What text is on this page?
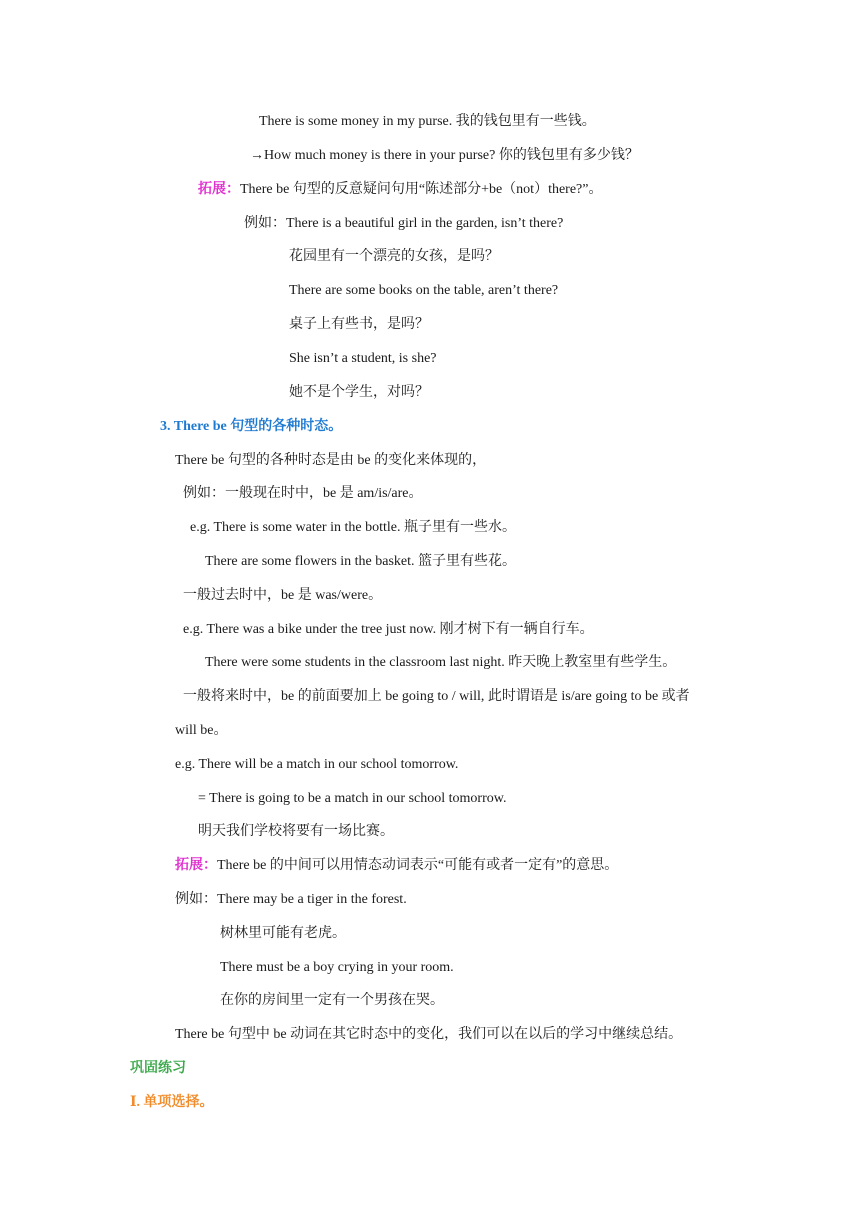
There is some money in my purse. 我的钱包里有一些钱。
→How much money is there in your purse? 你的钱包里有多少钱？
拓展：There be 句型的反意疑问句用“陈述部分+be（not）there?”。
例如：There is a beautiful girl in the garden, isn’t there?
花园里有一个漂亮的女孩，是吗？
There are some books on the table, aren’t there?
桌子上有些书，是吗？
She isn’t a student, is she?
她不是个学生，对吗？
3. There be 句型的各种时态。
There be 句型的各种时态是由 be 的变化来体现的，
例如：一般现在时中，be 是 am/is/are。
e.g. There is some water in the bottle. 瓶子里有一些水。
There are some flowers in the basket. 篮子里有些花。
一般过去时中，be 是 was/were。
e.g. There was a bike under the tree just now. 刚才树下有一辆自行车。
There were some students in the classroom last night. 昨天晚上教室里有些学生。
一般将来时中，be 的前面要加上 be going to / will, 此时谓语是 is/are going to be 或者
will be。
e.g. There will be a match in our school tomorrow.
= There is going to be a match in our school tomorrow.
明天我们学校将要有一场比赛。
拓展：There be 的中间可以用情态动词表示“可能有或者一定有”的意思。
例如：There may be a tiger in the forest.
树林里可能有老虎。
There must be a boy crying in your room.
在你的房间里一定有一个男孩在哭。
There be 句型中 be 动词在其它时态中的变化，我们可以在以后的学习中继续总结。
巩固练习
Ⅰ. 单项选择。
